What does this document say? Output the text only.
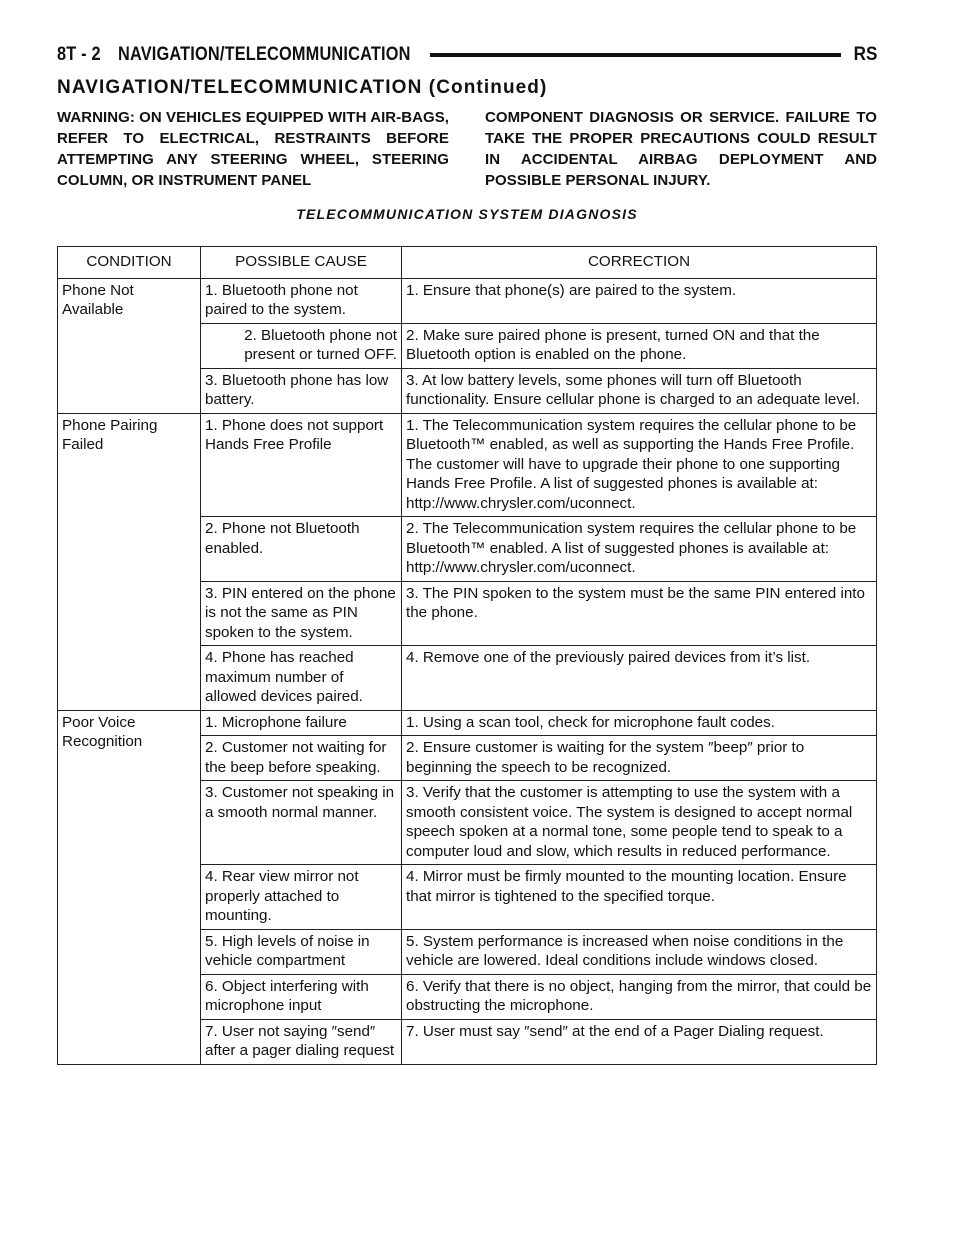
8T - 2 NAVIGATION/TELECOMMUNICATION	RS
NAVIGATION/TELECOMMUNICATION (Continued)

WARNING: ON VEHICLES EQUIPPED WITH AIR-BAGS, REFER TO ELECTRICAL, RESTRAINTS BEFORE ATTEMPTING ANY STEERING WHEEL, STEERING COLUMN, OR INSTRUMENT PANEL

COMPONENT DIAGNOSIS OR SERVICE. FAILURE TO TAKE THE PROPER PRECAUTIONS COULD RESULT IN ACCIDENTAL AIRBAG DEPLOYMENT AND POSSIBLE PERSONAL INJURY.

TELECOMMUNICATION SYSTEM DIAGNOSIS
CONDITION	POSSIBLE CAUSE	CORRECTION
Phone Not Available	1. Bluetooth phone not paired to the system.	1. Ensure that phone(s) are paired to the system.
	2. Bluetooth phone not present or turned OFF.	2. Make sure paired phone is present, turned ON and that the Bluetooth option is enabled on the phone.
	3. Bluetooth phone has low battery.	3. At low battery levels, some phones will turn off Bluetooth functionality. Ensure cellular phone is charged to an adequate level.
Phone Pairing Failed	1. Phone does not support Hands Free Profile	1. The Telecommunication system requires the cellular phone to be Bluetooth™ enabled, as well as supporting the Hands Free Profile. The customer will have to upgrade their phone to one supporting Hands Free Profile. A list of suggested phones is available at: http://www.chrysler.com/uconnect.
	2. Phone not Bluetooth enabled.	2. The Telecommunication system requires the cellular phone to be Bluetooth™ enabled. A list of suggested phones is available at: http://www.chrysler.com/uconnect.
	3. PIN entered on the phone is not the same as PIN spoken to the system.	3. The PIN spoken to the system must be the same PIN entered into the phone.
	4. Phone has reached maximum number of allowed devices paired.	4. Remove one of the previously paired devices from it’s list.
Poor Voice Recognition	1. Microphone failure	1. Using a scan tool, check for microphone fault codes.
	2. Customer not waiting for the beep before speaking.	2. Ensure customer is waiting for the system ″beep″ prior to beginning the speech to be recognized.
	3. Customer not speaking in a smooth normal manner.	3. Verify that the customer is attempting to use the system with a smooth consistent voice. The system is designed to accept normal speech spoken at a normal tone, some people tend to speak to a computer loud and slow, which results in reduced performance.
	4. Rear view mirror not properly attached to mounting.	4. Mirror must be firmly mounted to the mounting location. Ensure that mirror is tightened to the specified torque.
	5. High levels of noise in vehicle compartment	5. System performance is increased when noise conditions in the vehicle are lowered. Ideal conditions include windows closed.
	6. Object interfering with microphone input	6. Verify that there is no object, hanging from the mirror, that could be obstructing the microphone.
	7. User not saying ″send″ after a pager dialing request	7. User must say ″send″ at the end of a Pager Dialing request.
